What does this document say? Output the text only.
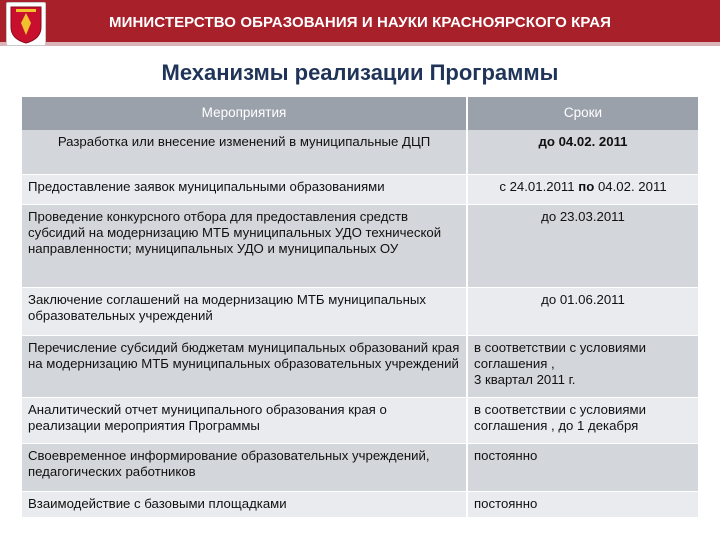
МИНИСТЕРСТВО ОБРАЗОВАНИЯ И НАУКИ КРАСНОЯРСКОГО КРАЯ
Механизмы реализации Программы
Мероприятия	Сроки
Разработка или внесение изменений в муниципальные ДЦП	до 04.02. 2011
Предоставление заявок муниципальными образованиями	с 24.01.2011 по 04.02. 2011
Проведение конкурсного отбора для предоставления средств субсидий на модернизацию МТБ муниципальных УДО технической направленности; муниципальных УДО и муниципальных ОУ	до 23.03.2011
Заключение соглашений на модернизацию МТБ муниципальных образовательных учреждений	до 01.06.2011
Перечисление субсидий бюджетам муниципальных образований края на модернизацию МТБ муниципальных образовательных учреждений	в соответствии с условиями соглашения ,
3 квартал 2011 г.
Аналитический отчет муниципального образования края о реализации мероприятия Программы	в соответствии с условиями соглашения , до 1 декабря
Своевременное информирование образовательных учреждений, педагогических работников	постоянно
Взаимодействие с базовыми площадками	постоянно
